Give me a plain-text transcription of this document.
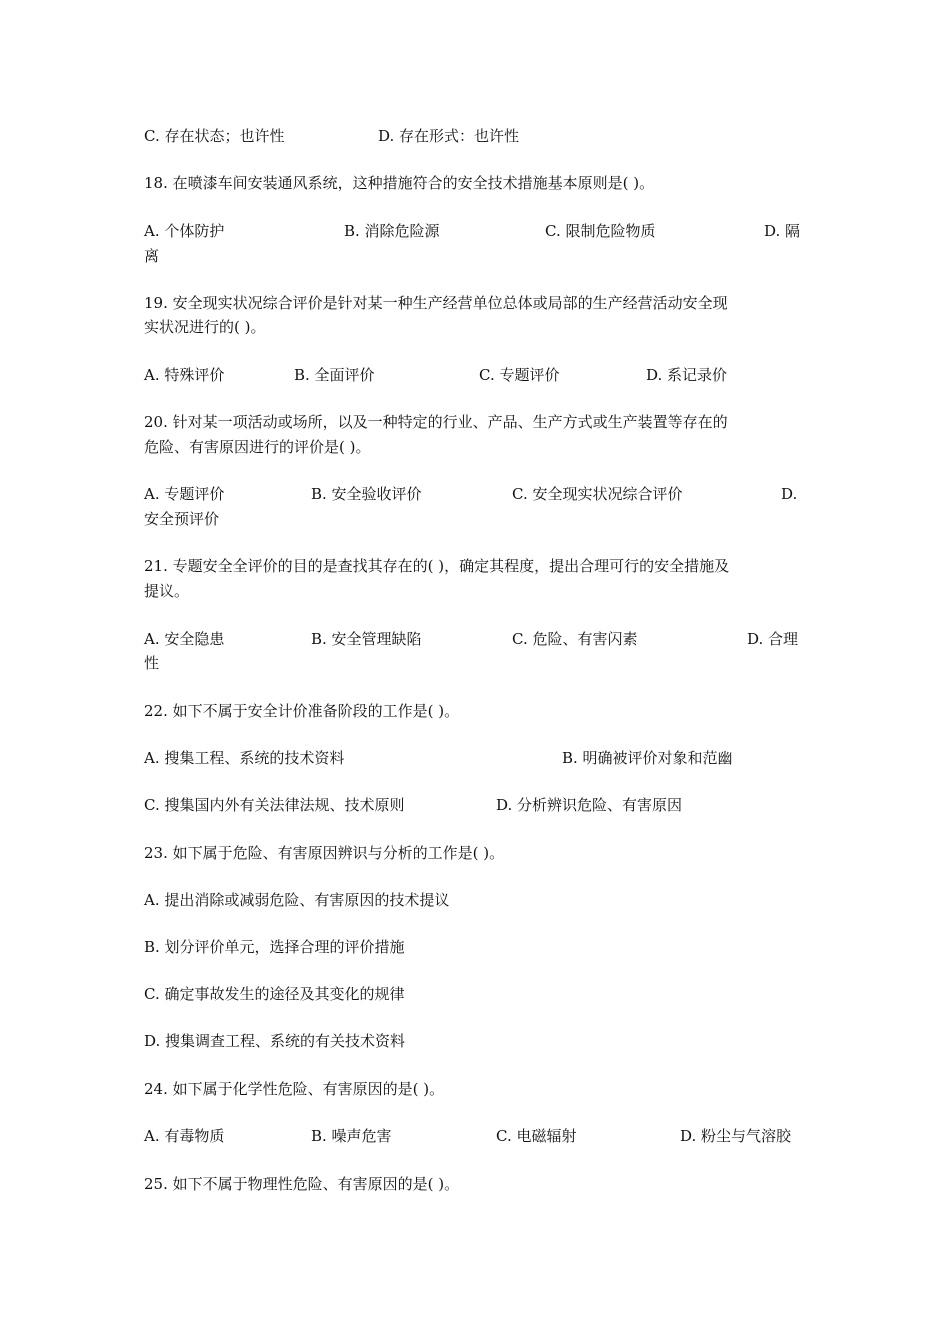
C. 存在状态；也许性	D. 存在形式：也许性
18. 在喷漆车间安装通风系统，这种措施符合的安全技术措施基本原则是( )。
A. 个体防护	B. 消除危险源	C. 限制危险物质	D. 隔
离
19. 安全现实状况综合评价是针对某一种生产经营单位总体或局部的生产经营活动安全现
实状况进行的( )。
A. 特殊评价	B. 全面评价	C. 专题评价	D. 系记录价
20. 针对某一项活动或场所，以及一种特定的行业、产品、生产方式或生产装置等存在的
危险、有害原因进行的评价是( )。
A. 专题评价	B. 安全验收评价	C. 安全现实状况综合评价	D.
安全预评价
21. 专题安全全评价的目的是查找其存在的( )，确定其程度，提出合理可行的安全措施及
提议。
A. 安全隐患	B. 安全管理缺陷	C. 危险、有害闪素	D. 合理
性
22. 如下不属于安全计价准备阶段的工作是( )。
A. 搜集工程、系统的技术资料	B. 明确被评价对象和范幽
C. 搜集国内外有关法律法规、技术原则	D. 分析辨识危险、有害原因
23. 如下属于危险、有害原因辨识与分析的工作是( )。
A. 提出消除或减弱危险、有害原因的技术提议
B. 划分评价单元，选择合理的评价措施
C. 确定事故发生的途径及其变化的规律
D. 搜集调查工程、系统的有关技术资料
24. 如下属于化学性危险、有害原因的是( )。
A. 有毒物质	B. 噪声危害	C. 电磁辐射	D. 粉尘与气溶胶
25. 如下不属于物理性危险、有害原因的是( )。
